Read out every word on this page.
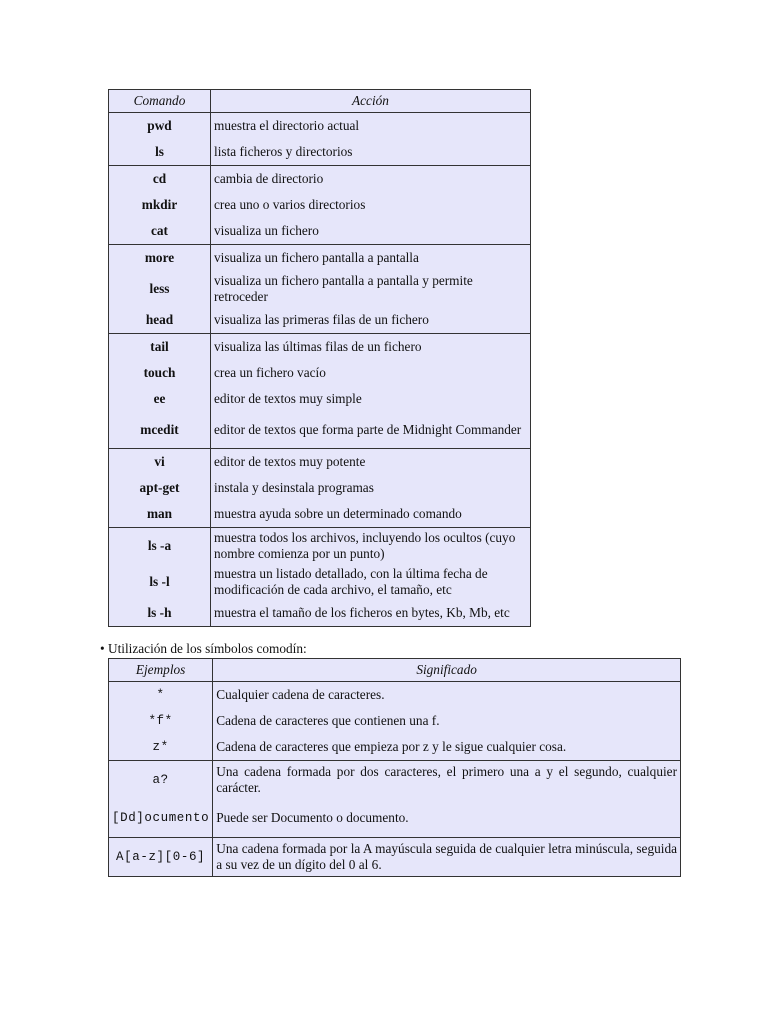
Comando	Acción
pwd	muestra el directorio actual
ls	lista ficheros y directorios
cd	cambia de directorio
mkdir	crea uno o varios directorios
cat	visualiza un fichero
more	visualiza un fichero pantalla a pantalla
less	visualiza un fichero pantalla a pantalla y permite retroceder
head	visualiza las primeras filas de un fichero
tail	visualiza las últimas filas de un fichero
touch	crea un fichero vacío
ee	editor de textos muy simple
mcedit	editor de textos que forma parte de Midnight Commander
vi	editor de textos muy potente
apt-get	instala y desinstala programas
man	muestra ayuda sobre un determinado comando
ls -a	muestra todos los archivos, incluyendo los ocultos (cuyo nombre comienza por un punto)
ls -l	muestra un listado detallado, con la última fecha de modificación de cada archivo, el tamaño, etc
ls -h	muestra el tamaño de los ficheros en bytes, Kb, Mb, etc
• Utilización de los símbolos comodín:
Ejemplos	Significado
*	Cualquier cadena de caracteres.
*f*	Cadena de caracteres que contienen una f.
z*	Cadena de caracteres que empieza por z y le sigue cualquier cosa.
a?	Una cadena formada por dos caracteres, el primero una a y el segundo, cualquier carácter.
[Dd]ocumento	Puede ser Documento o documento.
A[a-z][0-6]	Una cadena formada por la A mayúscula seguida de cualquier letra minúscula, seguida a su vez de un dígito del 0 al 6.
